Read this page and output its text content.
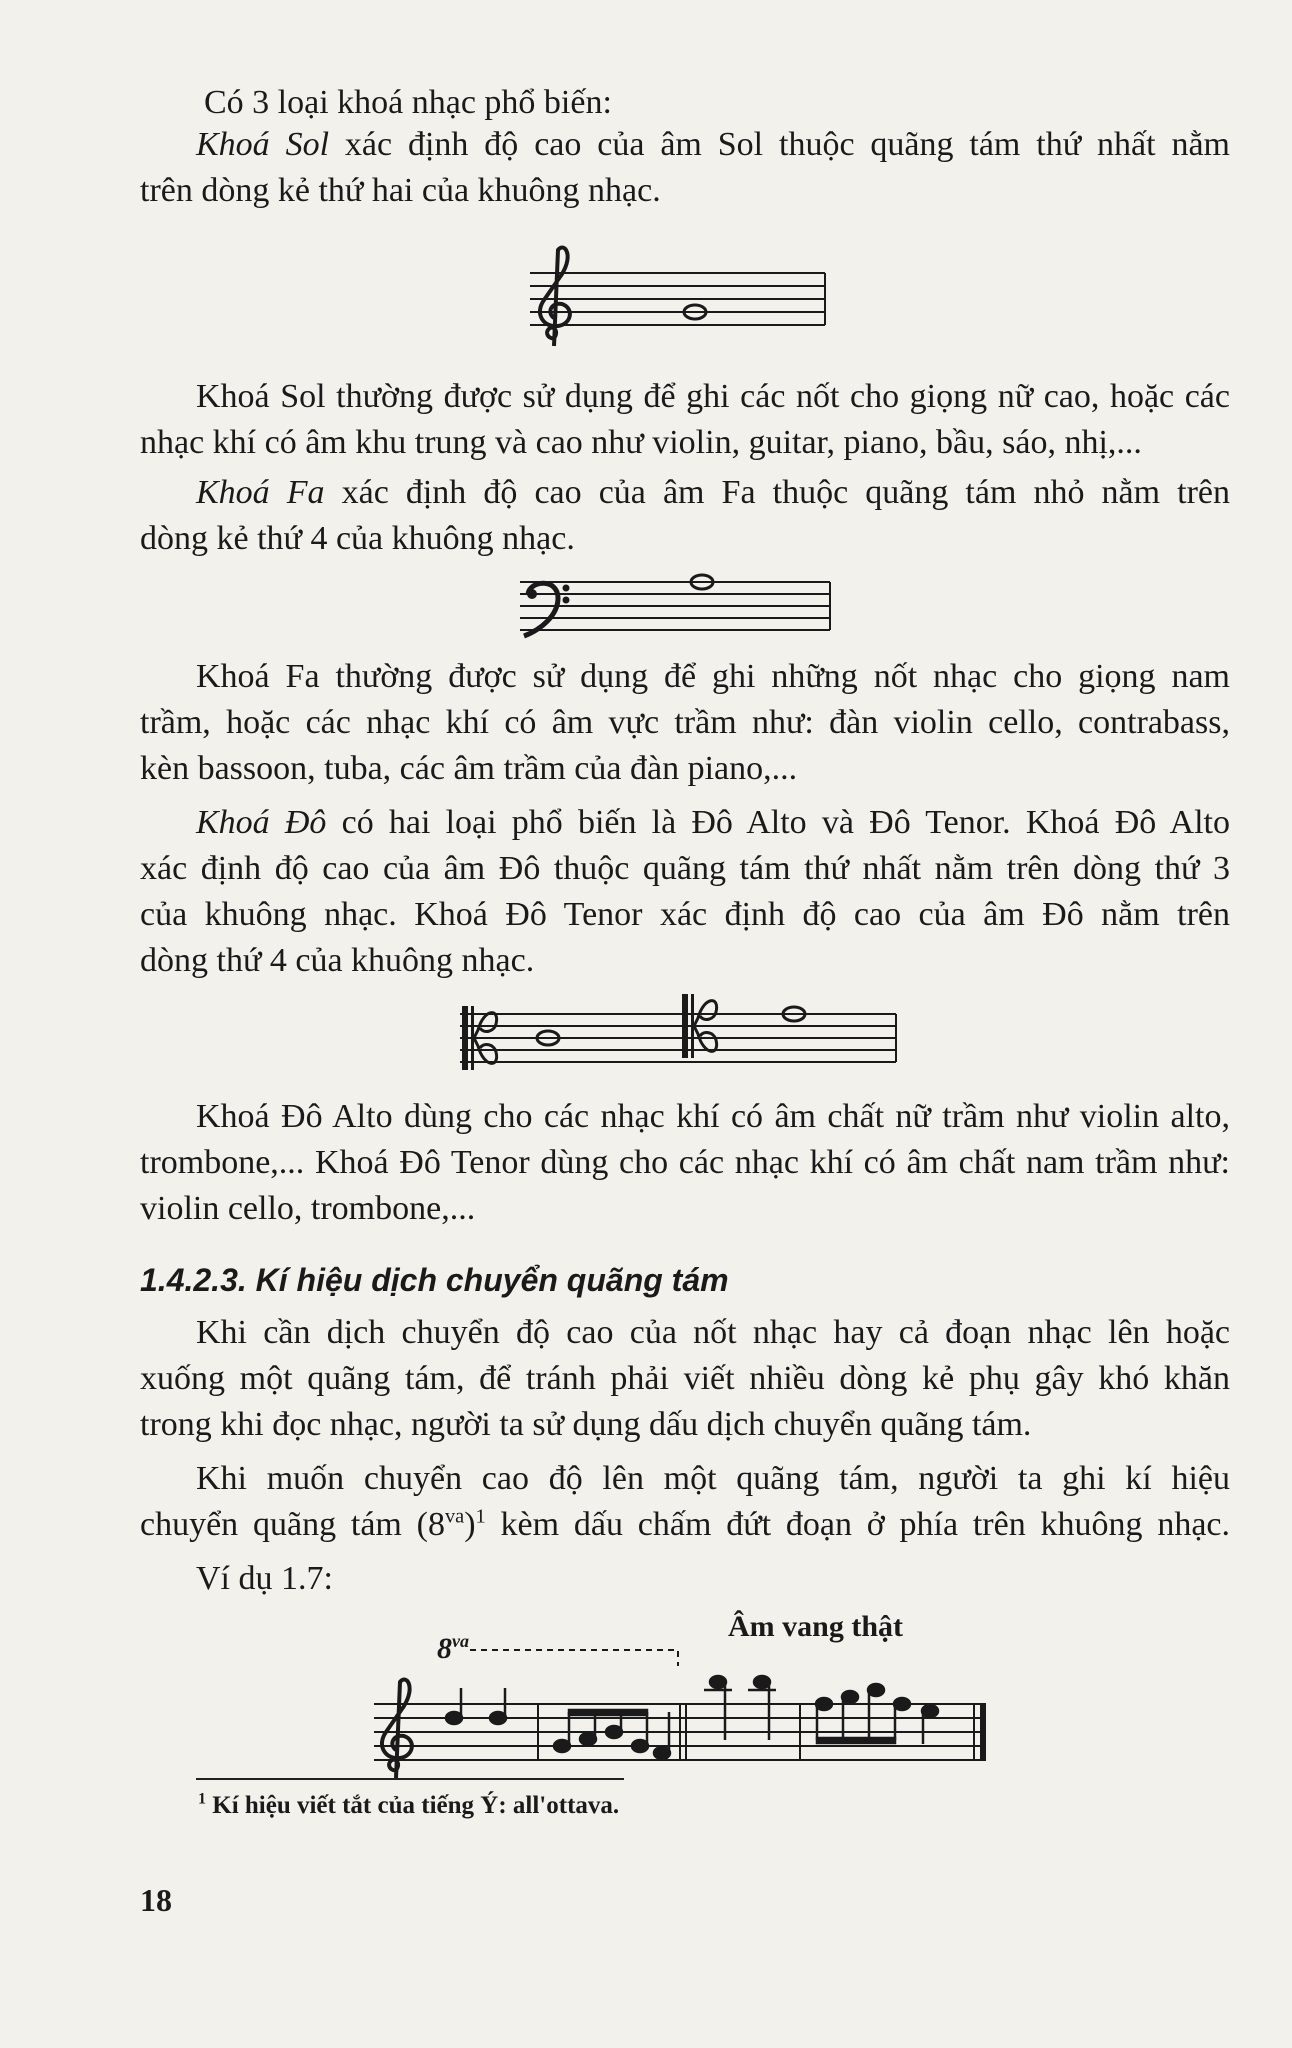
Có 3 loại khoá nhạc phổ biến:

Khoá Sol xác định độ cao của âm Sol thuộc quãng tám thứ nhất nằm
trên dòng kẻ thứ hai của khuông nhạc.

Khoá Sol thường được sử dụng để ghi các nốt cho giọng nữ cao, hoặc các
nhạc khí có âm khu trung và cao như violin, guitar, piano, bầu, sáo, nhị,...

Khoá Fa xác định độ cao của âm Fa thuộc quãng tám nhỏ nằm trên
dòng kẻ thứ 4 của khuông nhạc.

Khoá Fa thường được sử dụng để ghi những nốt nhạc cho giọng nam
trầm, hoặc các nhạc khí có âm vực trầm như: đàn violin cello, contrabass,
kèn bassoon, tuba, các âm trầm của đàn piano,...

Khoá Đô có hai loại phổ biến là Đô Alto và Đô Tenor. Khoá Đô Alto
xác định độ cao của âm Đô thuộc quãng tám thứ nhất nằm trên dòng thứ 3
của khuông nhạc. Khoá Đô Tenor xác định độ cao của âm Đô nằm trên
dòng thứ 4 của khuông nhạc.

Khoá Đô Alto dùng cho các nhạc khí có âm chất nữ trầm như violin alto,
trombone,... Khoá Đô Tenor dùng cho các nhạc khí có âm chất nam trầm như:
violin cello, trombone,...

1.4.2.3. Kí hiệu dịch chuyển quãng tám

Khi cần dịch chuyển độ cao của nốt nhạc hay cả đoạn nhạc lên hoặc
xuống một quãng tám, để tránh phải viết nhiều dòng kẻ phụ gây khó khăn
trong khi đọc nhạc, người ta sử dụng dấu dịch chuyển quãng tám.

Khi muốn chuyển cao độ lên một quãng tám, người ta ghi kí hiệu
chuyển quãng tám $(8^{va})^1$ kèm dấu chấm đứt đoạn ở phía trên khuông nhạc.

Ví dụ 1.7:

$8^{va}$	Âm vang thật

$^1$ Kí hiệu viết tắt của tiếng Ý: all'ottava.

18
